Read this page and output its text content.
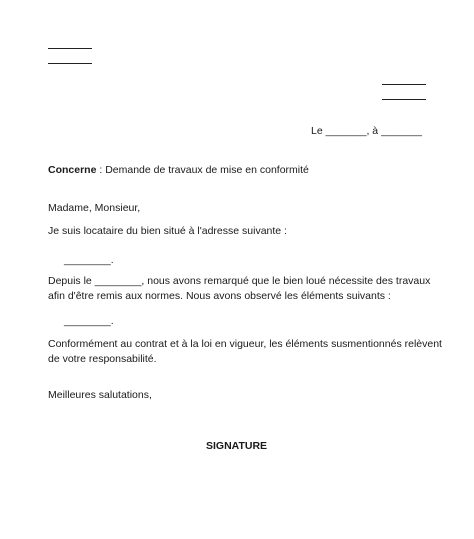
Le _______, à _______
Concerne : Demande de travaux de mise en conformité
Madame, Monsieur,
Je suis locataire du bien situé à l'adresse suivante :
________.
Depuis le ________, nous avons remarqué que le bien loué nécessite des travaux
afin d'être remis aux normes. Nous avons observé les éléments suivants :
________.
Conformément au contrat et à la loi en vigueur, les éléments susmentionnés relèvent
de votre responsabilité.
Meilleures salutations,
SIGNATURE
